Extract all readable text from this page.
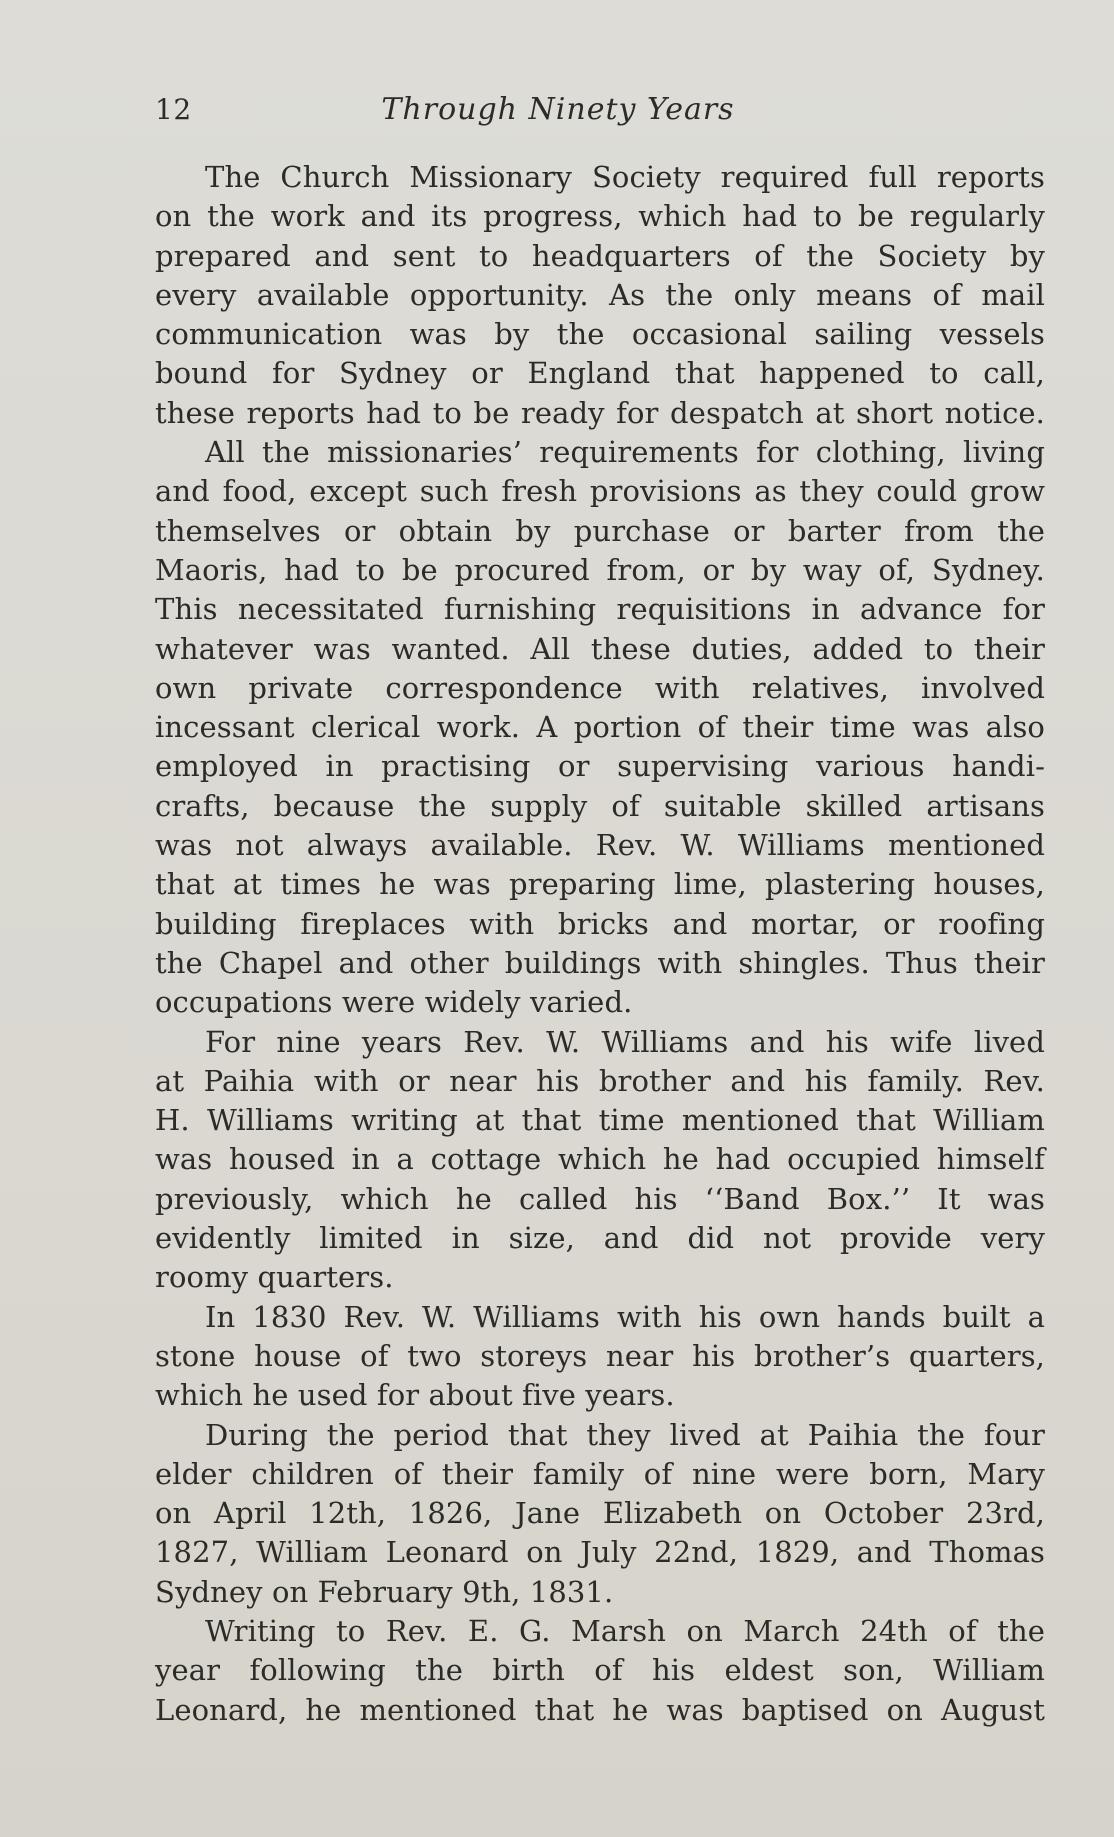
12	Through Ninety Years
The Church Missionary Society required full reports
on the work and its progress, which had to be regularly
prepared and sent to headquarters of the Society by
every available opportunity. As the only means of mail
communication was by the occasional sailing vessels
bound for Sydney or England that happened to call,
these reports had to be ready for despatch at short notice.
All the missionaries’ requirements for clothing, living
and food, except such fresh provisions as they could grow
themselves or obtain by purchase or barter from the
Maoris, had to be procured from, or by way of, Sydney.
This necessitated furnishing requisitions in advance for
whatever was wanted. All these duties, added to their
own private correspondence with relatives, involved
incessant clerical work. A portion of their time was also
employed in practising or supervising various handi-
crafts, because the supply of suitable skilled artisans
was not always available. Rev. W. Williams mentioned
that at times he was preparing lime, plastering houses,
building fireplaces with bricks and mortar, or roofing
the Chapel and other buildings with shingles. Thus their
occupations were widely varied.
For nine years Rev. W. Williams and his wife lived
at Paihia with or near his brother and his family. Rev.
H. Williams writing at that time mentioned that William
was housed in a cottage which he had occupied himself
previously, which he called his ‘‘Band Box.’’ It was
evidently limited in size, and did not provide very
roomy quarters.
In 1830 Rev. W. Williams with his own hands built a
stone house of two storeys near his brother’s quarters,
which he used for about five years.
During the period that they lived at Paihia the four
elder children of their family of nine were born, Mary
on April 12th, 1826, Jane Elizabeth on October 23rd,
1827, William Leonard on July 22nd, 1829, and Thomas
Sydney on February 9th, 1831.
Writing to Rev. E. G. Marsh on March 24th of the
year following the birth of his eldest son, William
Leonard, he mentioned that he was baptised on August
